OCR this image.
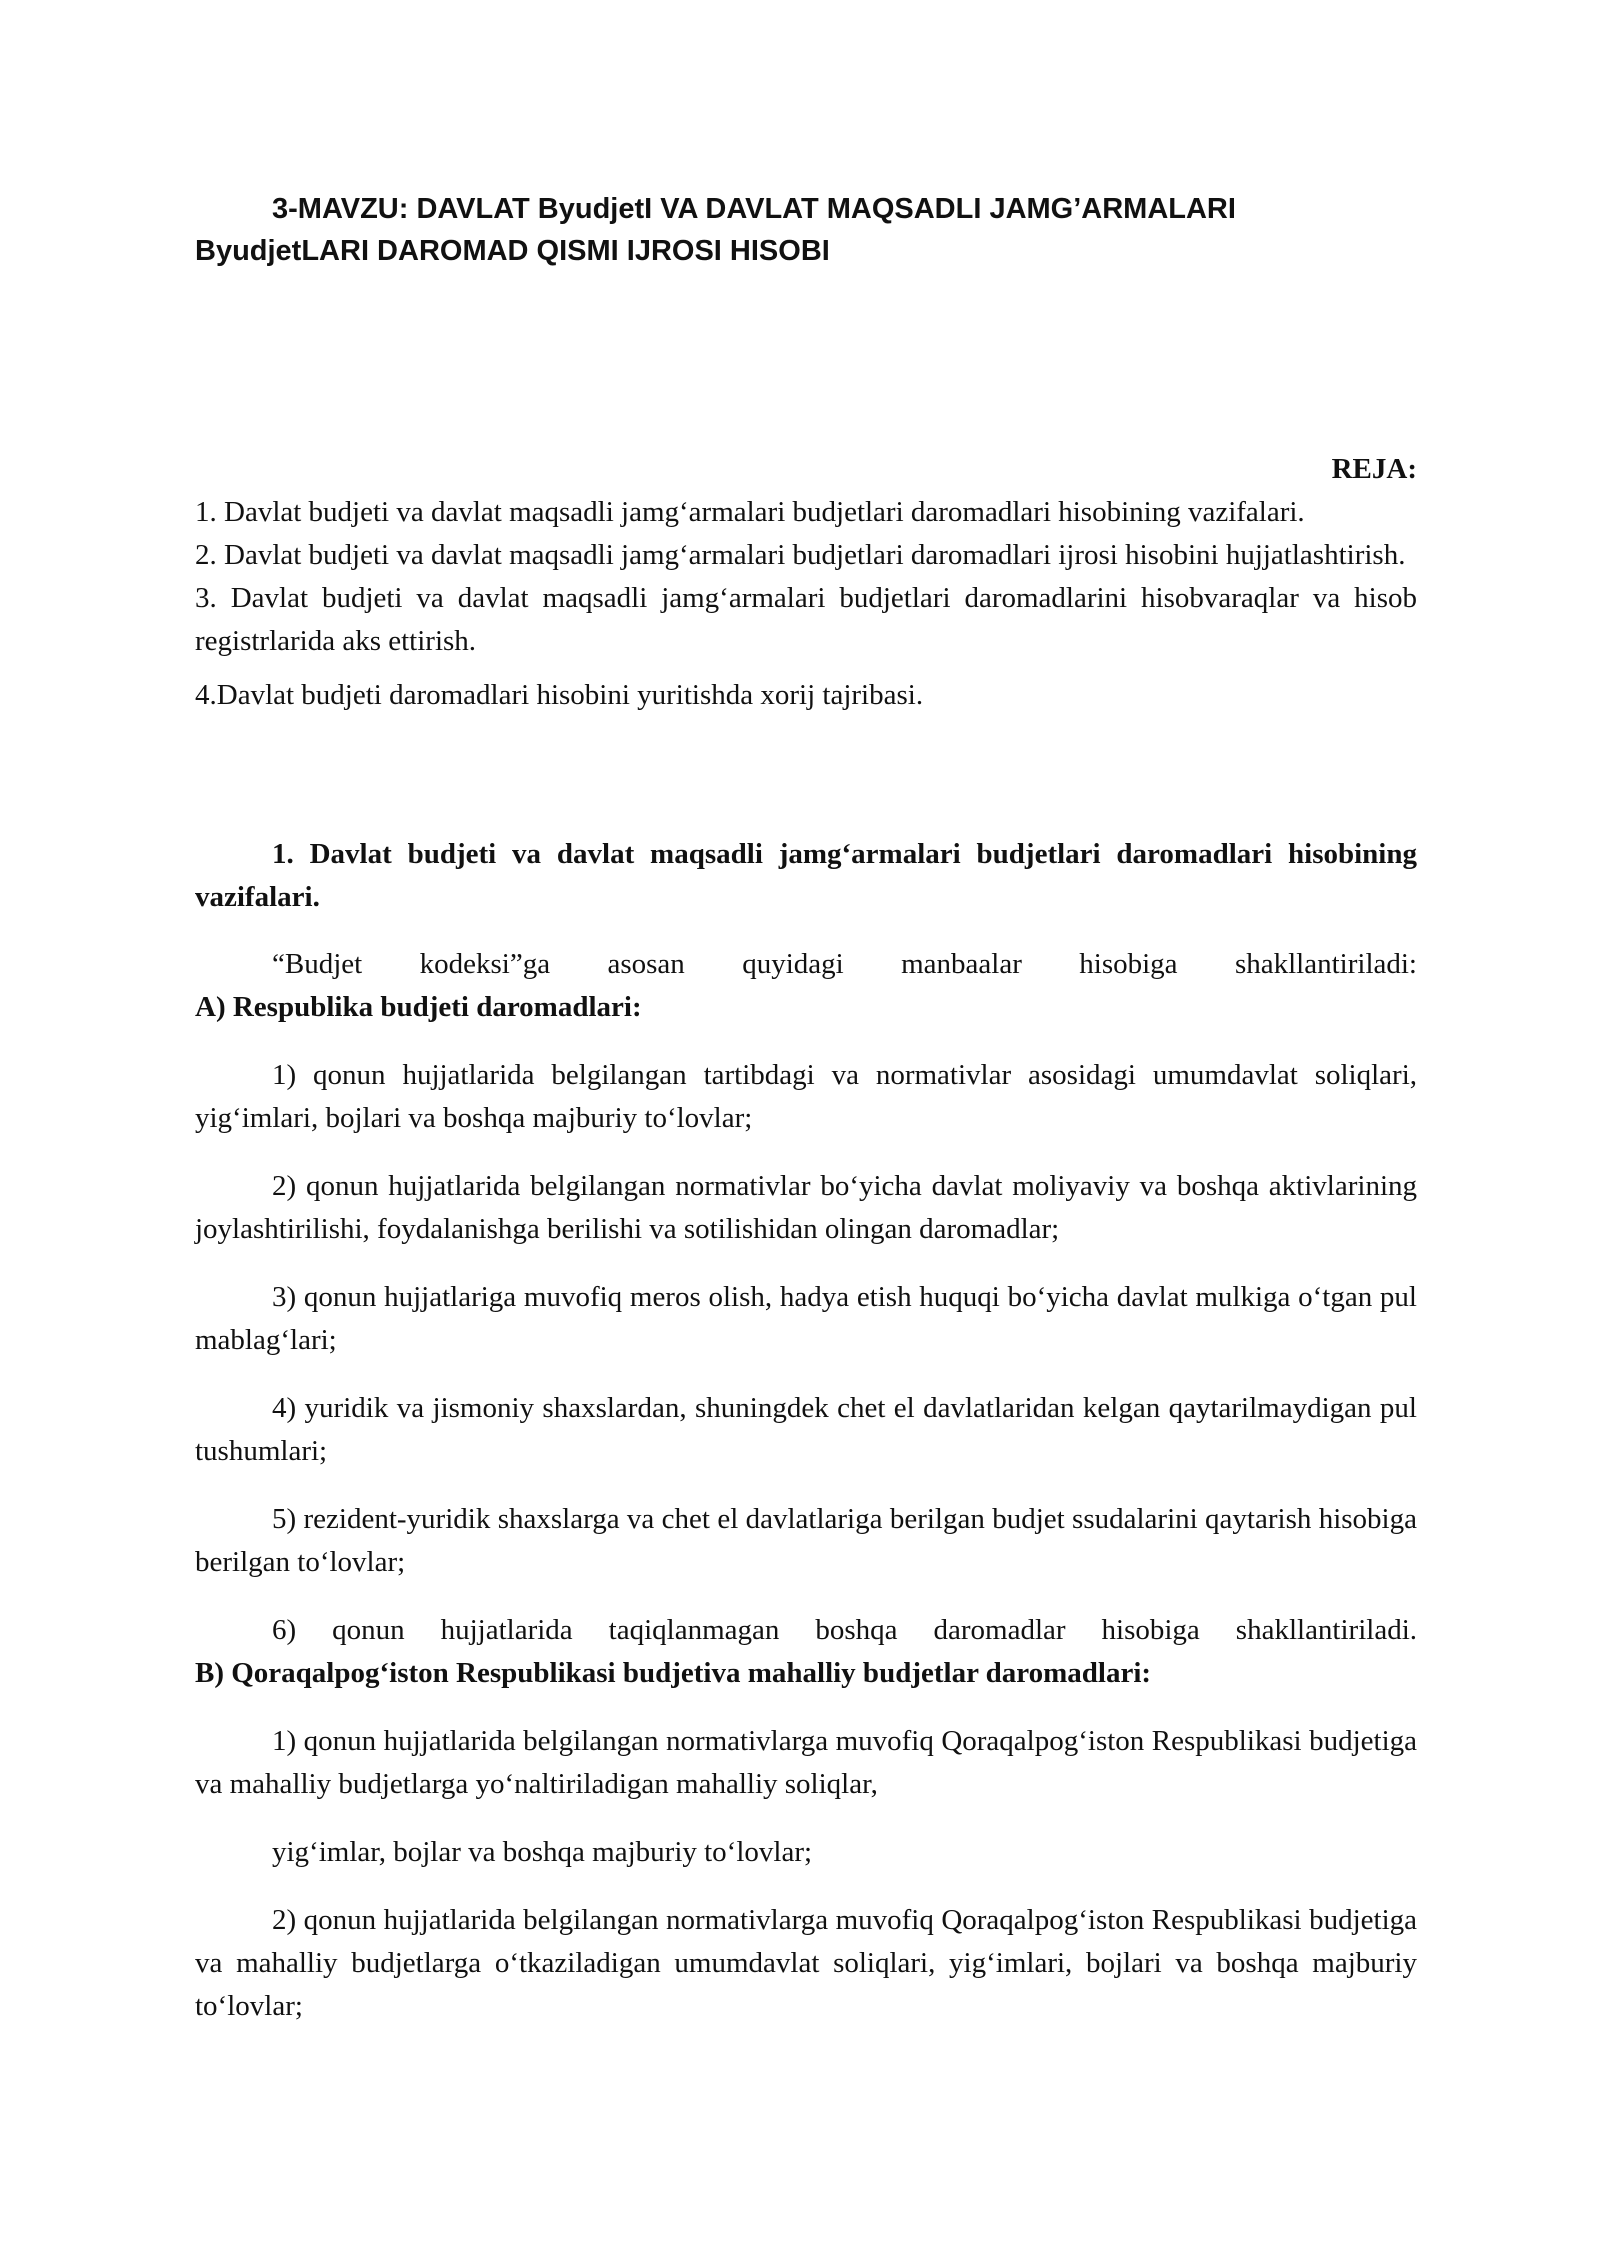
3-MAVZU: DAVLAT ByudjetI VA DAVLAT MAQSADLI JAMG’ARMALARI
ByudjetLARI DAROMAD QISMI IJROSI HISOBI

REJA:

1. Davlat budjeti va davlat maqsadli jamg‘armalari budjetlari daromadlari hisobining vazifalari.

2. Davlat budjeti va davlat maqsadli jamg‘armalari budjetlari daromadlari ijrosi hisobini hujjatlashtirish.

3. Davlat budjeti va davlat maqsadli jamg‘armalari budjetlari daromadlarini hisobvaraqlar va hisob registrlarida aks ettirish.

4.Davlat budjeti daromadlari hisobini yuritishda xorij tajribasi.

1. Davlat budjeti va davlat maqsadli jamg‘armalari budjetlari daromadlari hisobining vazifalari.

“Budjet kodeksi”ga asosan quyidagi manbaalar hisobiga shakllantiriladi:
A) Respublika budjeti daromadlari:

1) qonun hujjatlarida belgilangan tartibdagi va normativlar asosidagi umumdavlat soliqlari, yig‘imlari, bojlari va boshqa majburiy to‘lovlar;

2) qonun hujjatlarida belgilangan normativlar bo‘yicha davlat moliyaviy va boshqa aktivlarining joylashtirilishi, foydalanishga berilishi va sotilishidan olingan daromadlar;

3) qonun hujjatlariga muvofiq meros olish, hadya etish huquqi bo‘yicha davlat mulkiga o‘tgan pul mablag‘lari;

4) yuridik va jismoniy shaxslardan, shuningdek chet el davlatlaridan kelgan qaytarilmaydigan pul tushumlari;

5) rezident-yuridik shaxslarga va chet el davlatlariga berilgan budjet ssudalarini qaytarish hisobiga berilgan to‘lovlar;

6) qonun hujjatlarida taqiqlanmagan boshqa daromadlar hisobiga shakllantiriladi.
B) Qoraqalpog‘iston Respublikasi budjetiva mahalliy budjetlar daromadlari:

1) qonun hujjatlarida belgilangan normativlarga muvofiq Qoraqalpog‘iston Respublikasi budjetiga va mahalliy budjetlarga yo‘naltiriladigan mahalliy soliqlar,

yig‘imlar, bojlar va boshqa majburiy to‘lovlar;

2) qonun hujjatlarida belgilangan normativlarga muvofiq Qoraqalpog‘iston Respublikasi budjetiga va mahalliy budjetlarga o‘tkaziladigan umumdavlat soliqlari, yig‘imlari, bojlari va boshqa majburiy to‘lovlar;
